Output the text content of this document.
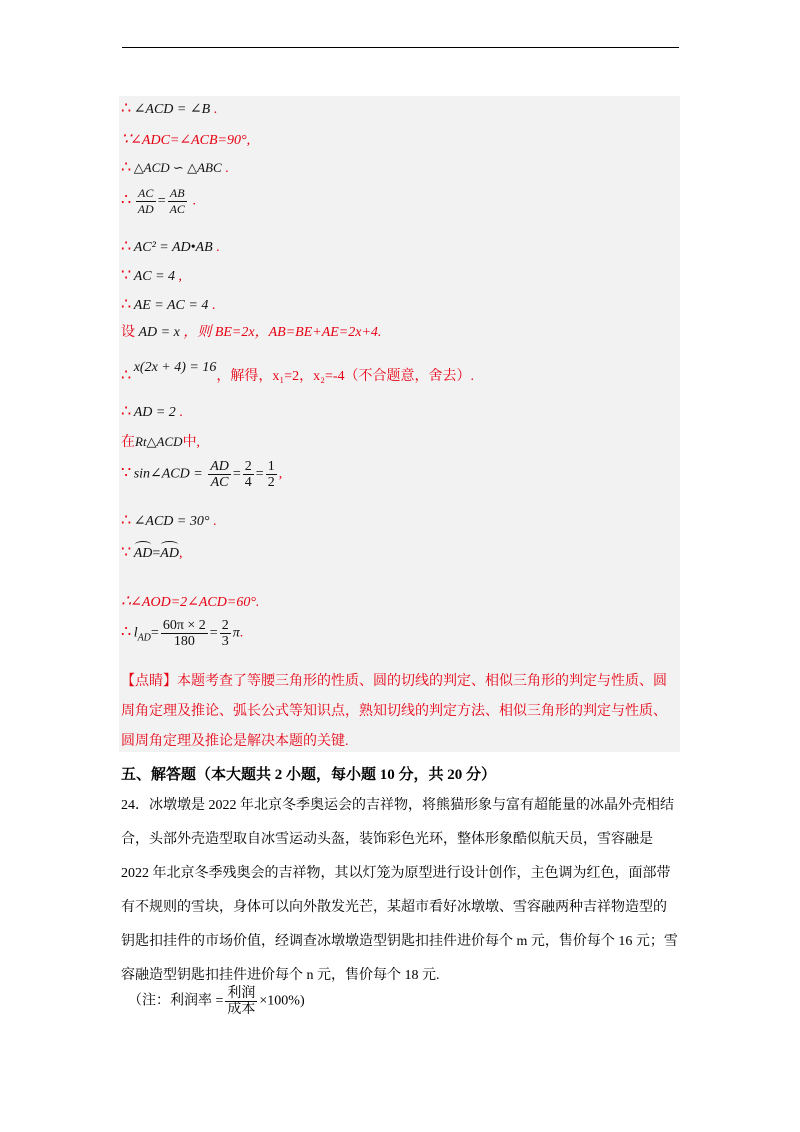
∴ ∠ACD = ∠B .
∵∠ADC=∠ACB=90°,
∴ △ACD ∽ △ABC .
∴ $\frac{AC}{AD} = \frac{AB}{AC}$ .
∴ AC² = AD•AB .
∵ AC = 4 ,
∴ AE = AC = 4 .
设 AD = x ，则 BE=2x，AB=BE+AE=2x+4.
∴ x(2x + 4) = 16，解得，x₁=2，x₂=-4（不合题意，舍去）.
∴ AD = 2 .
在Rt△ACD中,
∵ sin∠ACD = $\frac{AD}{AC} = \frac{2}{4} = \frac{1}{2}$ ,
∴ ∠ACD = 30° .
∵ AD=AD,
∴∠AOD=2∠ACD=60°.
∴ $l_{AD}= \frac{60\pi \times 2}{180} = \frac{2}{3} \pi$.
【点睛】本题考查了等腰三角形的性质、圆的切线的判定、相似三角形的判定与性质、圆
周角定理及推论、弧长公式等知识点，熟知切线的判定方法、相似三角形的判定与性质、
圆周角定理及推论是解决本题的关键.
五、解答题（本大题共 2 小题，每小题 10 分，共 20 分）
24．冰墩墩是 2022 年北京冬季奥运会的吉祥物，将熊猫形象与富有超能量的冰晶外壳相结
合，头部外壳造型取自冰雪运动头盔，装饰彩色光环，整体形象酷似航天员，雪容融是
2022 年北京冬季残奥会的吉祥物，其以灯笼为原型进行设计创作，主色调为红色，面部带
有不规则的雪块，身体可以向外散发光芒，某超市看好冰墩墩、雪容融两种吉祥物造型的
钥匙扣挂件的市场价值，经调查冰墩墩造型钥匙扣挂件进价每个 m 元，售价每个 16 元；雪
容融造型钥匙扣挂件进价每个 n 元，售价每个 18 元.
（注：利润率 = $\frac{\text{利润}}{\text{成本}} \times 100\%$)
